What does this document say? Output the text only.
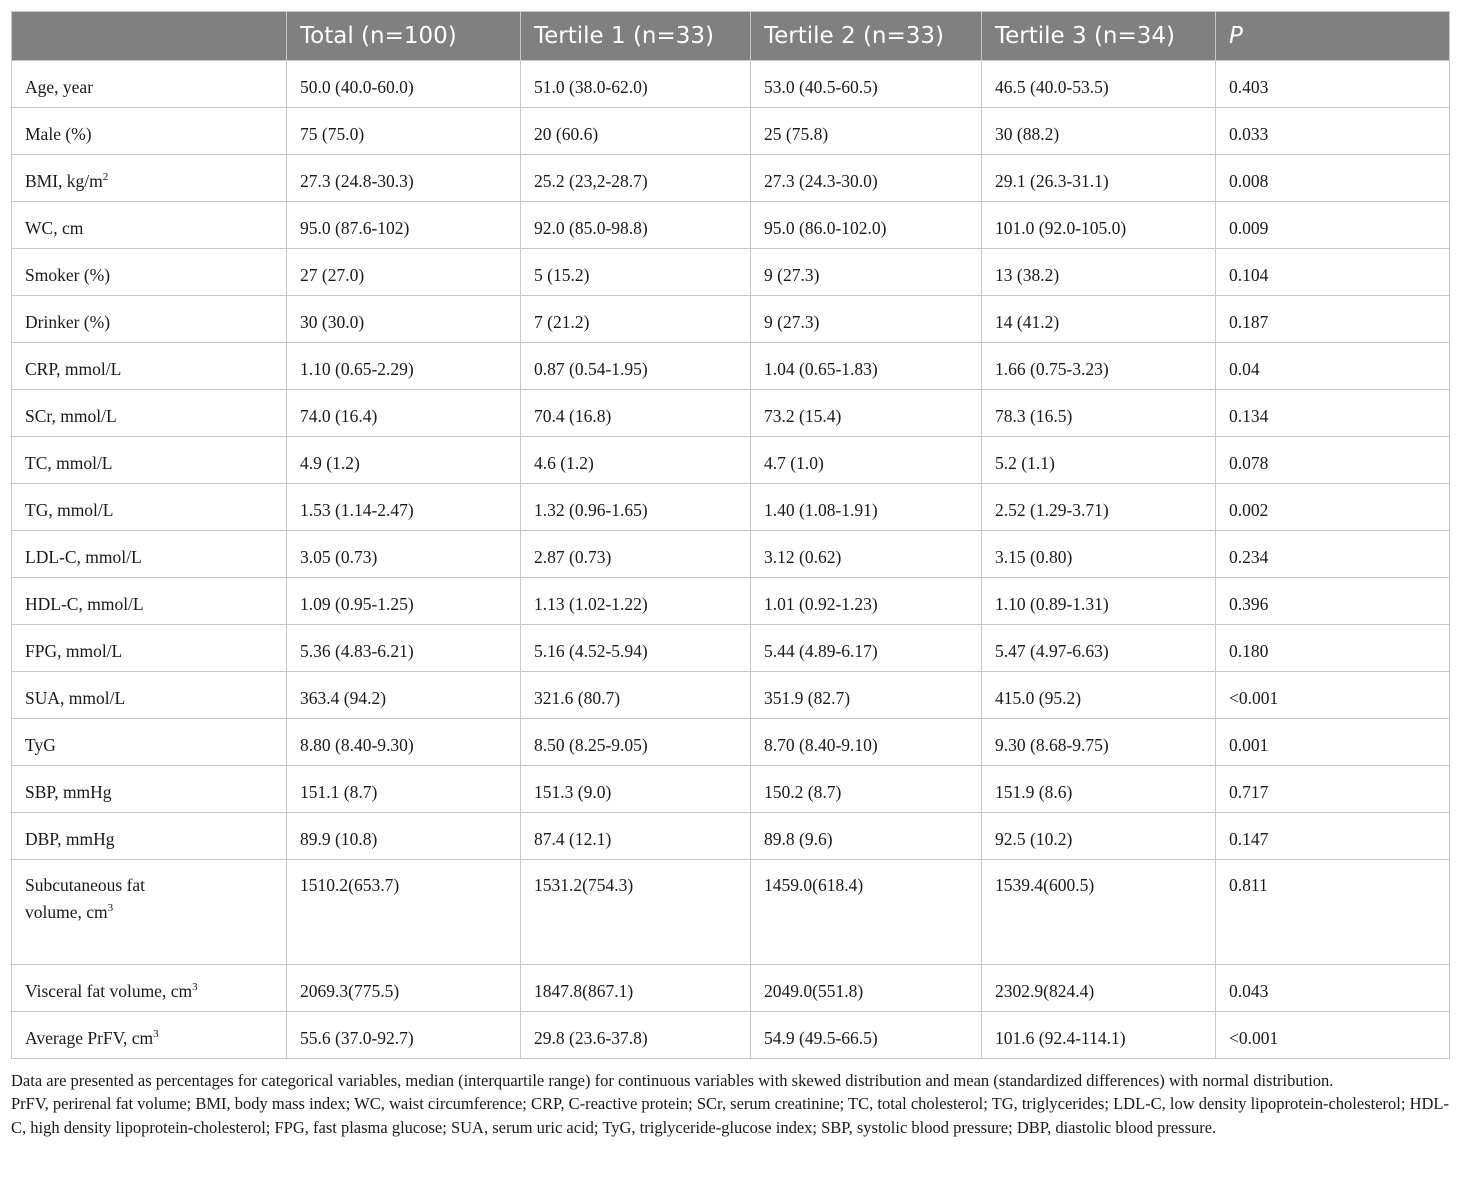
	Total (n=100)	Tertile 1 (n=33)	Tertile 2 (n=33)	Tertile 3 (n=34)	P
Age, year	50.0 (40.0-60.0)	51.0 (38.0-62.0)	53.0 (40.5-60.5)	46.5 (40.0-53.5)	0.403
Male (%)	75 (75.0)	20 (60.6)	25 (75.8)	30 (88.2)	0.033
BMI, $kg/m^2$	27.3 (24.8-30.3)	25.2 (23,2-28.7)	27.3 (24.3-30.0)	29.1 (26.3-31.1)	0.008
WC, cm	95.0 (87.6-102)	92.0 (85.0-98.8)	95.0 (86.0-102.0)	101.0 (92.0-105.0)	0.009
Smoker (%)	27 (27.0)	5 (15.2)	9 (27.3)	13 (38.2)	0.104
Drinker (%)	30 (30.0)	7 (21.2)	9 (27.3)	14 (41.2)	0.187
CRP, mmol/L	1.10 (0.65-2.29)	0.87 (0.54-1.95)	1.04 (0.65-1.83)	1.66 (0.75-3.23)	0.04
SCr, mmol/L	74.0 (16.4)	70.4 (16.8)	73.2 (15.4)	78.3 (16.5)	0.134
TC, mmol/L	4.9 (1.2)	4.6 (1.2)	4.7 (1.0)	5.2 (1.1)	0.078
TG, mmol/L	1.53 (1.14-2.47)	1.32 (0.96-1.65)	1.40 (1.08-1.91)	2.52 (1.29-3.71)	0.002
LDL-C, mmol/L	3.05 (0.73)	2.87 (0.73)	3.12 (0.62)	3.15 (0.80)	0.234
HDL-C, mmol/L	1.09 (0.95-1.25)	1.13 (1.02-1.22)	1.01 (0.92-1.23)	1.10 (0.89-1.31)	0.396
FPG, mmol/L	5.36 (4.83-6.21)	5.16 (4.52-5.94)	5.44 (4.89-6.17)	5.47 (4.97-6.63)	0.180
SUA, mmol/L	363.4 (94.2)	321.6 (80.7)	351.9 (82.7)	415.0 (95.2)	<0.001
TyG	8.80 (8.40-9.30)	8.50 (8.25-9.05)	8.70 (8.40-9.10)	9.30 (8.68-9.75)	0.001
SBP, mmHg	151.1 (8.7)	151.3 (9.0)	150.2 (8.7)	151.9 (8.6)	0.717
DBP, mmHg	89.9 (10.8)	87.4 (12.1)	89.8 (9.6)	92.5 (10.2)	0.147
Subcutaneous fat volume, $cm^3$	1510.2(653.7)	1531.2(754.3)	1459.0(618.4)	1539.4(600.5)	0.811
Visceral fat volume, $cm^3$	2069.3(775.5)	1847.8(867.1)	2049.0(551.8)	2302.9(824.4)	0.043
Average PrFV, $cm^3$	55.6 (37.0-92.7)	29.8 (23.6-37.8)	54.9 (49.5-66.5)	101.6 (92.4-114.1)	<0.001

Data are presented as percentages for categorical variables, median (interquartile range) for continuous variables with skewed distribution and mean (standardized differences) with normal distribution.

PrFV, perirenal fat volume; BMI, body mass index; WC, waist circumference; CRP, C-reactive protein; SCr, serum creatinine; TC, total cholesterol; TG, triglycerides; LDL-C, low density lipoprotein-cholesterol; HDL-C, high density lipoprotein-cholesterol; FPG, fast plasma glucose; SUA, serum uric acid; TyG, triglyceride-glucose index; SBP, systolic blood pressure; DBP, diastolic blood pressure.
